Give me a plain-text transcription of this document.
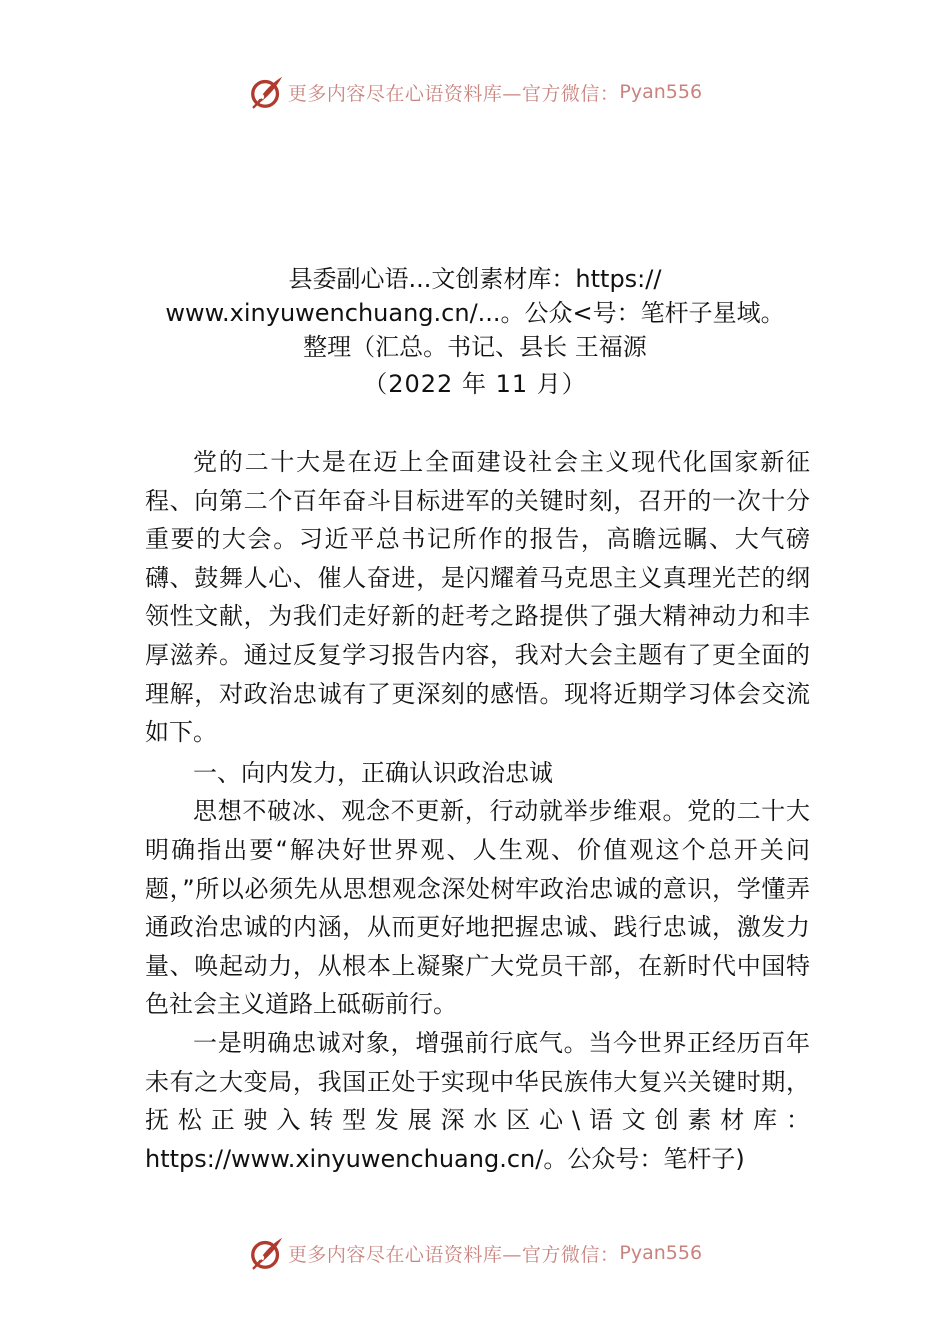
更多内容尽在心语资料库—官方微信： Pyan556
县委副心语...文创素材库：https://
www.xinyuwenchuang.cn/...。公众<号：笔杆子星域。
整理（汇总。书记、县长 王福源
（2022 年 11 月）

党的二十大是在迈上全面建设社会主义现代化国家新征程、向第二个百年奋斗目标进军的关键时刻，召开的一次十分重要的大会。习近平总书记所作的报告，高瞻远瞩、大气磅礴、鼓舞人心、催人奋进，是闪耀着马克思主义真理光芒的纲领性文献，为我们走好新的赶考之路提供了强大精神动力和丰厚滋养。通过反复学习报告内容，我对大会主题有了更全面的理解，对政治忠诚有了更深刻的感悟。现将近期学习体会交流如下。

一、向内发力，正确认识政治忠诚

思想不破冰、观念不更新，行动就举步维艰。党的二十大明确指出要“解决好世界观、人生观、价值观这个总开关问题，”所以必须先从思想观念深处树牢政治忠诚的意识，学懂弄通政治忠诚的内涵，从而更好地把握忠诚、践行忠诚，激发力量、唤起动力，从根本上凝聚广大党员干部，在新时代中国特色社会主义道路上砥砺前行。

一是明确忠诚对象，增强前行底气。当今世界正经历百年未有之大变局，我国正处于实现中华民族伟大复兴关键时期，抚松正驶入转型发展深水区心\语文创素材库：https://www.xinyuwenchuang.cn/。公众号：笔杆子)

更多内容尽在心语资料库—官方微信： Pyan556
